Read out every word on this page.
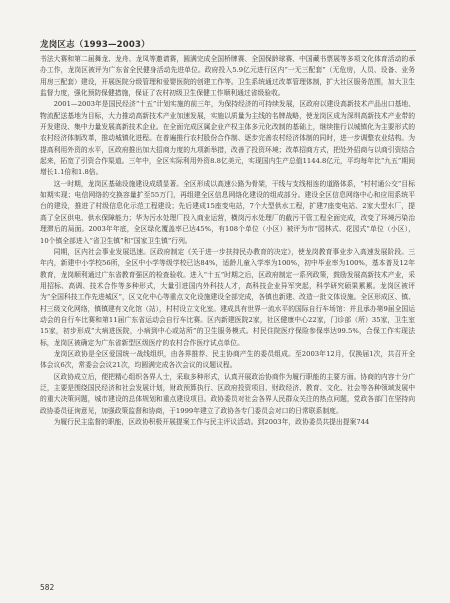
龙岗区志（1993—2003）

书法大赛和第二届舞龙、龙舟、龙凤等邀请赛，圆满完成全国桥牌赛、全国保龄球赛、中国藏书票展等多项文化体育活动的承办工作，龙岗区被评为广东省全民健身活动先进单位。政府投入5.9亿元进行区内“一无三配套”（无危房，人员、设备、业务用房三配套）建设，开展医院分级管理和爱婴医院的创建工作等。卫生系统通过改革管理体制，扩大社区服务范围，加大卫生监督力度，强化预防保健措施，保证了农村初级卫生保健工作顺利通过省级验收。

2001—2003年是国民经济“十五”计划实施的前三年，为保持经济的可持续发展，区政府以建设高新技术产品出口基地、物流配送基地为目标，大力推动高新技术产业加速发展，实施以质量为主线的名牌战略，使龙岗区成为深圳高新技术产业带的开发建设、集中力量发展高新技术企业。在全面完成区属企业产权主体多元化改制的基础上，继续推行以城镇化为主要形式的农村经济体制改革，推动城镇化进程。在普遍推行农村股份合作制、逐步完善农村经济体制的同时，进一步调整农业结构。为提高利用外资的水平，区政府推出加大招商力度的九项新举措，改善了投资环境；改革招商方式，把处外招商与以商引资结合起来，拓宽了引资合作渠道。三年中，全区实际利用外资8.8亿美元，实现国内生产总值1144.8亿元，平均每年比“九五”期间增长1.1倍和1.8倍。

这一时期，龙岗区基础设施建设成绩显著。全区形成以高速公路为骨架，干线与支线相连的道路体系，“村村通公交”目标如期实现；电信网络的交换容量扩至55万门，再组建全区信息网络化建设的组成部分。建设全区信息网络中心和应用系统平台的建设，推进了村级信息化示范工程建设；先后建成15座变电站，7个大型供水工程，扩建7座变电站、2家大型水厂，提高了全区供电、供水保障能力；华为污水处理厂投入商业运营，横岗污水处理厂的截污干管工程全面完成，改变了环境污染治理滞后的局面。2003年年底，全区绿化覆盖率已达45%，有108个单位（小区）被评为市“园林式、花园式”单位（小区），10个镇全部进入“省卫生镇”和“国家卫生镇”行列。

同期，区内社会事业发展迅速。区政府制定《关于进一步扶持民办教育的决定》，使龙岗教育事业步入高速发展阶段。三年内，新建中小学校56所，全区中小学等级学校已达84%，适龄儿童入学率为100%，初中毕业率为100%，基本普及12年教育，龙岗顺利通过广东省教育强区的检查验收。进入“十五”时期之后，区政府制定一系列政策，鼓励发展高新技术产业，采用招标、高调、技术合作等多种形式，大量引进国内外科技人才，高科技企业异军突起，科学研究硕果累累。龙岗区被评为“全国科技工作先进城区”，区文化中心等重点文化设施建设全部完成，各镇也新建、改造一批文体设施。全区形成区、镇、村三级文化网络，镇镇建有文化馆（站），村村设立文化室。建成具有世界一流水平的国际自行车场馆：并且承办第9届全国运动会的自行车比赛和第11届广东省运动会自行车比赛。区内新建医院2家，社区健康中心22家，门诊部（所）35家，卫生室15家，初步形成“大病进医院，小病到中心或站所”的卫生服务模式。村民住院医疗保险参保率达99.5%，合保工作实现法标，龙岗区被确定为广东省新型区级医疗的农村合作医疗试点单位。

龙岗区政协是全区爱国统一战线组织，由各界推荐、民主协商产生的委员组成。至2003年12月，仅换届1次，共召开全体会议6次，常委会会议21次，均圆满完成各次会议的议题议程。

区政协成立后，便把精心组织各界人士，采取多种形式，认真开展政治协商作为履行职能的主要方面。协商的内容十分广泛，主要是围绕国民经济和社会发展计划，财政预算执行、区政府投资项目、财政经济、教育、文化、社会等各种领域发展中的重大决策问题，城市建设的总体规划和重点建设项目。政协委员对社会各界人民群众关注的热点问题，党政各部门在坚持向政协委员征询意见，加强政策监督和协商，于1999年建立了政协各专门委员会对口的日常联系制度。

为履行民主监督的职能，区政协积极开展提案工作与民主评议活动。到2003年，政协委员共提出提案744

582
